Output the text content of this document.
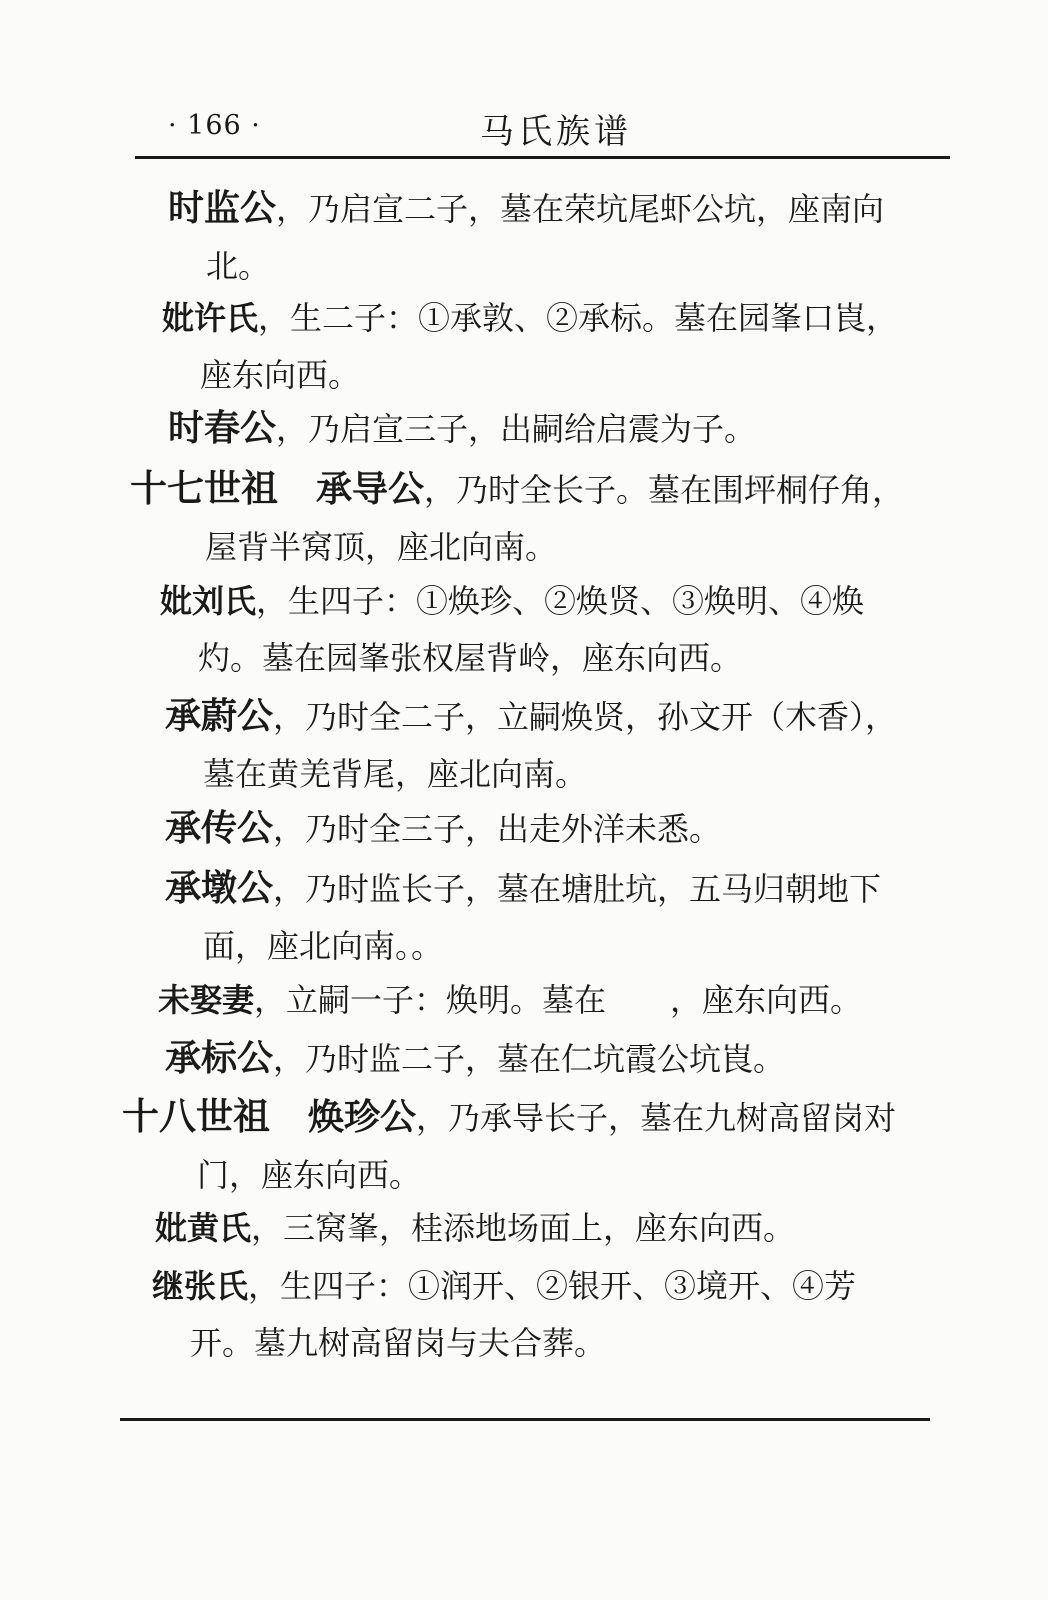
· 166 ·	马氏族谱
时监公，乃启宣二子，墓在荣坑尾虾公坑，座南向
北。
妣许氏，生二子：①承敦、②承标。墓在园峯口崀，
座东向西。
时春公，乃启宣三子，出嗣给启震为子。
十七世祖 承导公，乃时全长子。墓在围坪桐仔角，
屋背半窝顶，座北向南。
妣刘氏，生四子：①焕珍、②焕贤、③焕明、④焕
灼。墓在园峯张权屋背岭，座东向西。
承蔚公，乃时全二子，立嗣焕贤，孙文开（木香），
墓在黄羌背尾，座北向南。
承传公，乃时全三子，出走外洋未悉。
承墩公，乃时监长子，墓在塘肚坑，五马归朝地下
面，座北向南。。
未娶妻，立嗣一子：焕明。墓在　　，座东向西。
承标公，乃时监二子，墓在仁坑霞公坑崀。
十八世祖 焕珍公，乃承导长子，墓在九树高留岗对
门，座东向西。
妣黄氏，三窝峯，桂添地场面上，座东向西。
继张氏，生四子：①润开、②银开、③境开、④芳
开。墓九树高留岗与夫合葬。
